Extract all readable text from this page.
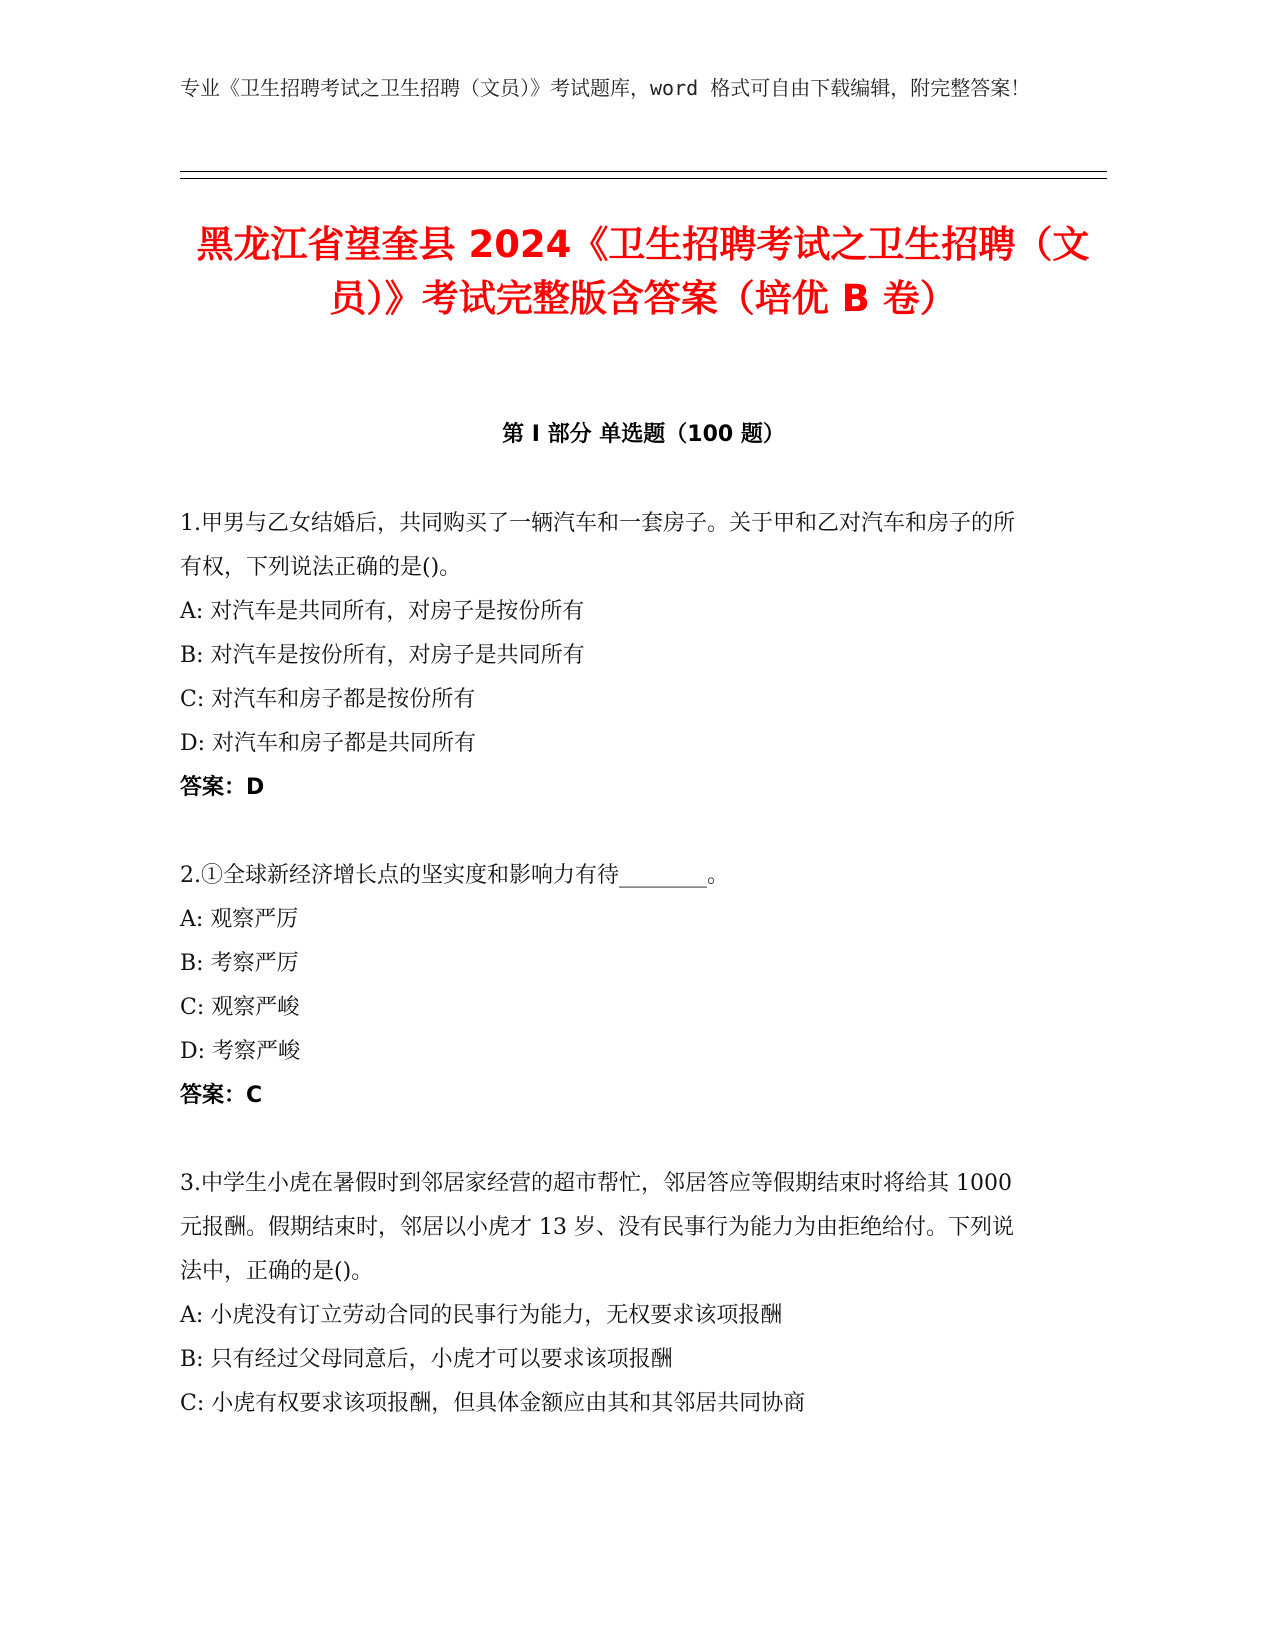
专业《卫生招聘考试之卫生招聘（文员）》考试题库，word 格式可自由下载编辑，附完整答案！
黑龙江省望奎县 2024《卫生招聘考试之卫生招聘（文员）》考试完整版含答案（培优 B 卷）
第 I 部分 单选题（100 题）
1.甲男与乙女结婚后，共同购买了一辆汽车和一套房子。关于甲和乙对汽车和房子的所有权，下列说法正确的是()。
A: 对汽车是共同所有，对房子是按份所有
B: 对汽车是按份所有，对房子是共同所有
C: 对汽车和房子都是按份所有
D: 对汽车和房子都是共同所有
答案：D
2.①全球新经济增长点的坚实度和影响力有待________。
A: 观察严厉
B: 考察严厉
C: 观察严峻
D: 考察严峻
答案：C
3.中学生小虎在暑假时到邻居家经营的超市帮忙，邻居答应等假期结束时将给其 1000 元报酬。假期结束时，邻居以小虎才 13 岁、没有民事行为能力为由拒绝给付。下列说法中，正确的是()。
A: 小虎没有订立劳动合同的民事行为能力，无权要求该项报酬
B: 只有经过父母同意后，小虎才可以要求该项报酬
C: 小虎有权要求该项报酬，但具体金额应由其和其邻居共同协商
